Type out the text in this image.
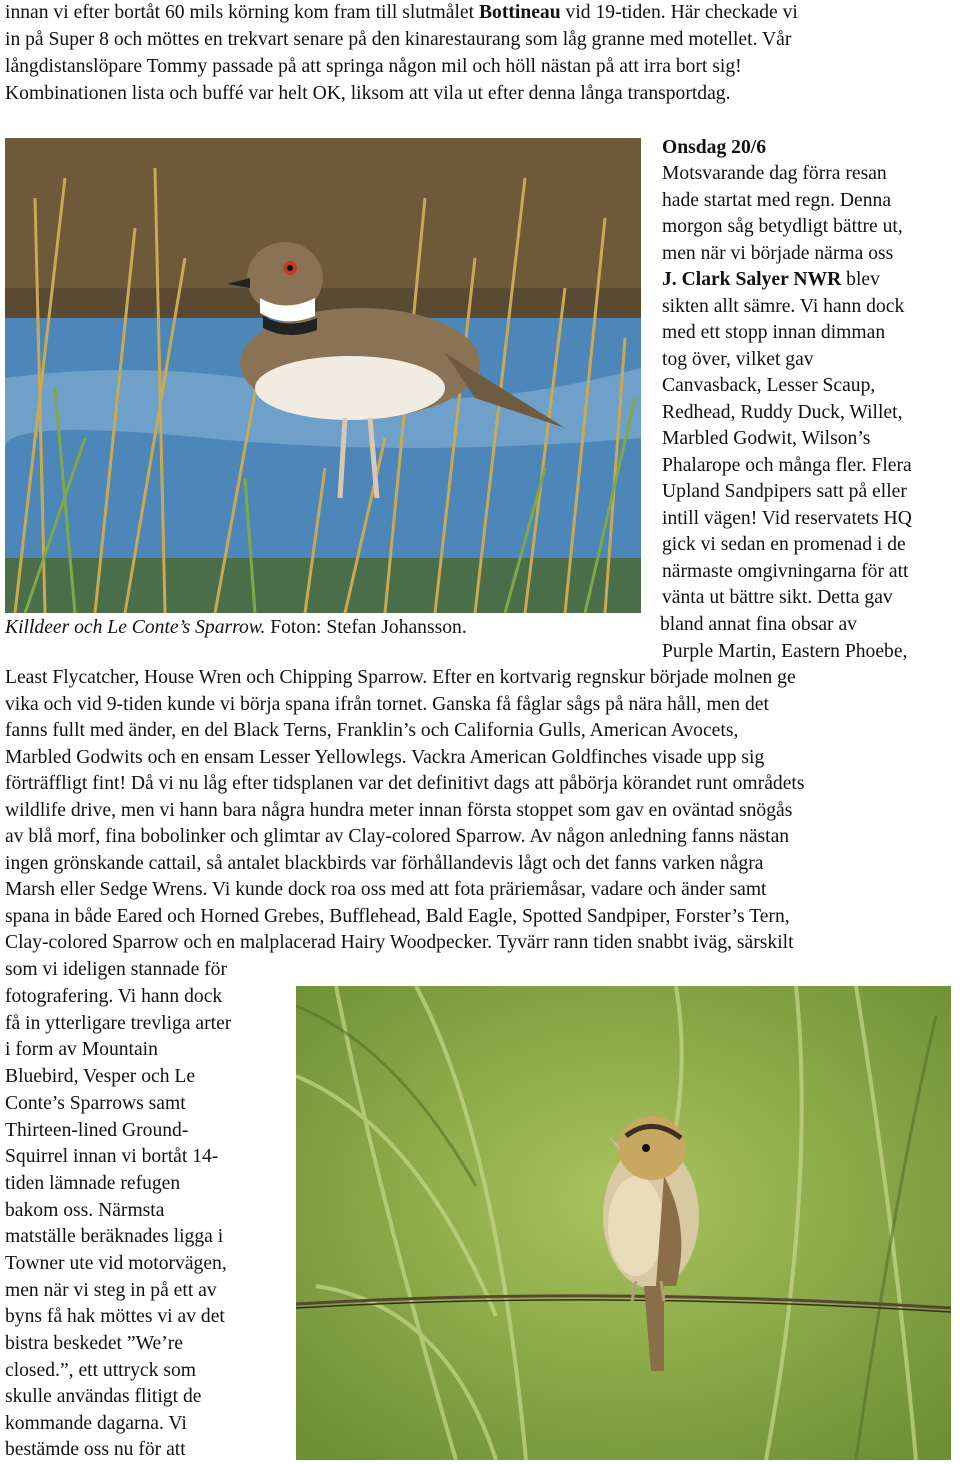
innan vi efter bortåt 60 mils körning kom fram till slutmålet Bottineau vid 19-tiden. Här checkade vi
in på Super 8 och möttes en trekvart senare på den kinarestaurang som låg granne med motellet. Vår
långdistanslöpare Tommy passade på att springa någon mil och höll nästan på att irra bort sig!
Kombinationen lista och buffé var helt OK, liksom att vila ut efter denna långa transportdag.
Onsdag 20/6
Motsvarande dag förra resan
hade startat med regn. Denna
morgon såg betydligt bättre ut,
men när vi började närma oss
J. Clark Salyer NWR blev
sikten allt sämre. Vi hann dock
med ett stopp innan dimman
tog över, vilket gav
Canvasback, Lesser Scaup,
Redhead, Ruddy Duck, Willet,
Marbled Godwit, Wilson’s
Phalarope och många fler. Flera
Upland Sandpipers satt på eller
intill vägen! Vid reservatets HQ
gick vi sedan en promenad i de
närmaste omgivningarna för att
vänta ut bättre sikt. Detta gav
bland annat fina obsar av
Purple Martin, Eastern Phoebe,
Killdeer och Le Conte’s Sparrow. Foton: Stefan Johansson.
Least Flycatcher, House Wren och Chipping Sparrow. Efter en kortvarig regnskur började molnen ge
vika och vid 9-tiden kunde vi börja spana ifrån tornet. Ganska få fåglar sågs på nära håll, men det
fanns fullt med änder, en del Black Terns, Franklin’s och California Gulls, American Avocets,
Marbled Godwits och en ensam Lesser Yellowlegs. Vackra American Goldfinches visade upp sig
förträffligt fint! Då vi nu låg efter tidsplanen var det definitivt dags att påbörja körandet runt områdets
wildlife drive, men vi hann bara några hundra meter innan första stoppet som gav en oväntad snögås
av blå morf, fina bobolinker och glimtar av Clay-colored Sparrow. Av någon anledning fanns nästan
ingen grönskande cattail, så antalet blackbirds var förhållandevis lågt och det fanns varken några
Marsh eller Sedge Wrens. Vi kunde dock roa oss med att fota präriemåsar, vadare och änder samt
spana in både Eared och Horned Grebes, Bufflehead, Bald Eagle, Spotted Sandpiper, Forster’s Tern,
Clay-colored Sparrow och en malplacerad Hairy Woodpecker. Tyvärr rann tiden snabbt iväg, särskilt
som vi ideligen stannade för
fotografering. Vi hann dock
få in ytterligare trevliga arter
i form av Mountain
Bluebird, Vesper och Le
Conte’s Sparrows samt
Thirteen-lined Ground-
Squirrel innan vi bortåt 14-
tiden lämnade refugen
bakom oss. Närmsta
matställe beräknades ligga i
Towner ute vid motorvägen,
men när vi steg in på ett av
byns få hak möttes vi av det
bistra beskedet ”We’re
closed.”, ett uttryck som
skulle användas flitigt de
kommande dagarna. Vi
bestämde oss nu för att
